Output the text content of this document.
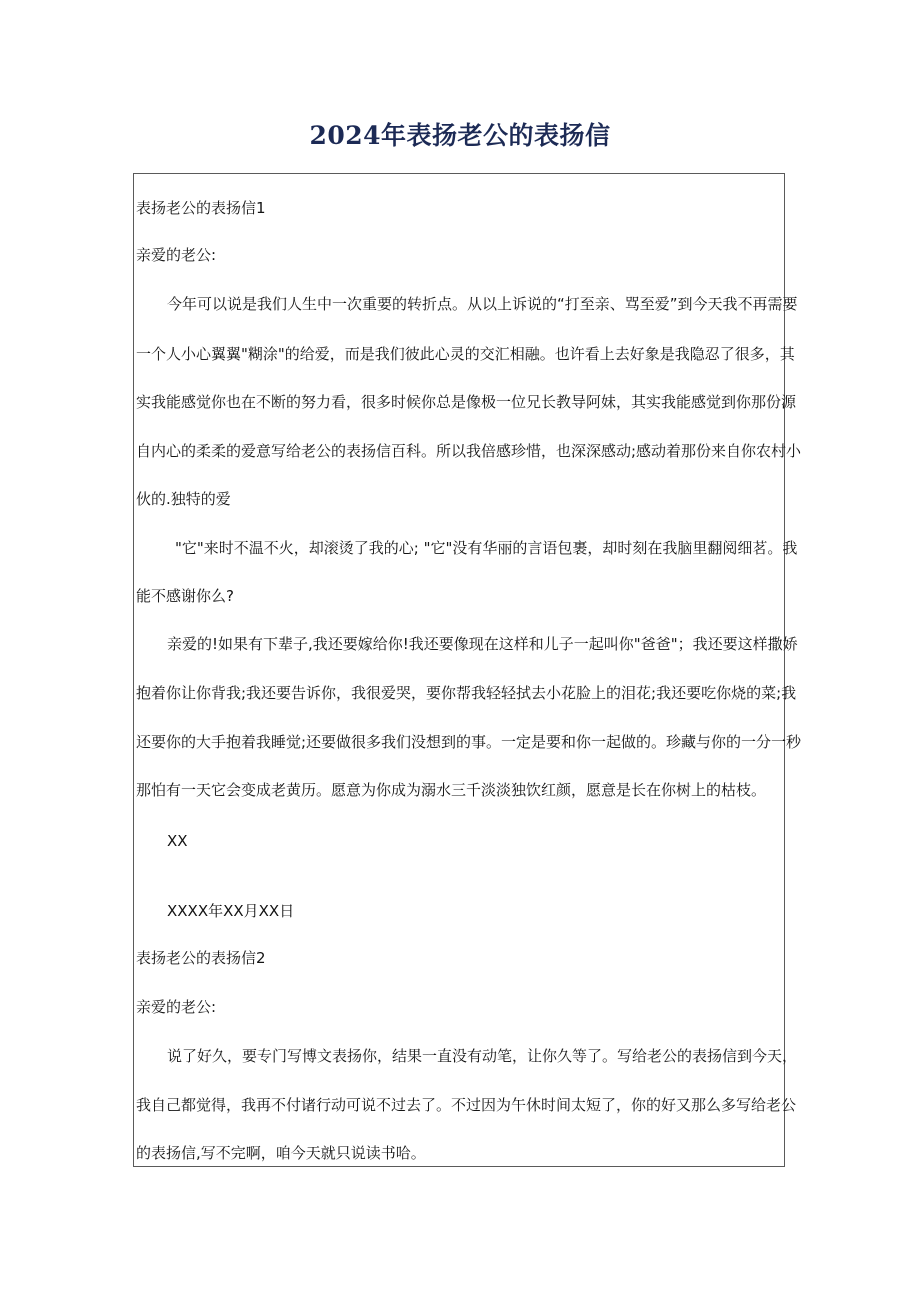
2024年表扬老公的表扬信
表扬老公的表扬信1
亲爱的老公:
今年可以说是我们人生中一次重要的转折点。从以上诉说的“打至亲、骂至爱”到今天我不再需要
一个人小心翼翼"糊涂"的给爱，而是我们彼此心灵的交汇相融。也许看上去好象是我隐忍了很多，其
实我能感觉你也在不断的努力看，很多时候你总是像极一位兄长教导阿妹，其实我能感觉到你那份源
自内心的柔柔的爱意写给老公的表扬信百科。所以我倍感珍惜，也深深感动;感动着那份来自你农村小
伙的.独特的爱
"它"来时不温不火，却滚烫了我的心; "它"没有华丽的言语包裹，却时刻在我脑里翻阅细茗。我
能不感谢你么?
亲爱的!如果有下辈子,我还要嫁给你!我还要像现在这样和儿子一起叫你"爸爸"；我还要这样撒娇
抱着你让你背我;我还要告诉你，我很爱哭，要你帮我轻轻拭去小花脸上的泪花;我还要吃你烧的菜;我
还要你的大手抱着我睡觉;还要做很多我们没想到的事。一定是要和你一起做的。珍藏与你的一分一秒
那怕有一天它会变成老黄历。愿意为你成为溺水三千淡淡独饮红颜，愿意是长在你树上的枯枝。
XX
XXXX年XX月XX日
表扬老公的表扬信2
亲爱的老公:
说了好久，要专门写博文表扬你，结果一直没有动笔，让你久等了。写给老公的表扬信到今天，
我自己都觉得，我再不付诸行动可说不过去了。不过因为午休时间太短了，你的好又那么多写给老公
的表扬信,写不完啊，咱今天就只说读书哈。
